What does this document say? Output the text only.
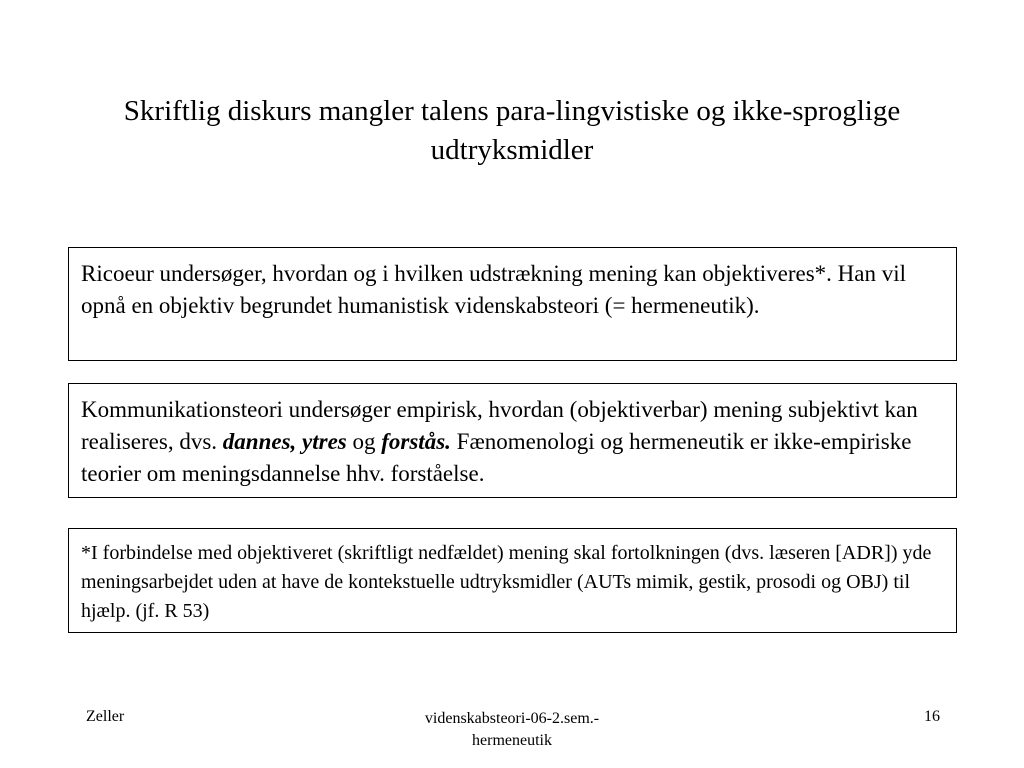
Skriftlig diskurs mangler talens para-lingvistiske og ikke-sproglige udtryksmidler
Ricoeur undersøger, hvordan og i hvilken udstrækning mening kan objektiveres*. Han vil opnå en objektiv begrundet humanistisk videnskabsteori (= hermeneutik).
Kommunikationsteori undersøger empirisk, hvordan (objektiverbar) mening subjektivt kan realiseres, dvs. dannes, ytres og forstås. Fænomenologi og hermeneutik er ikke-empiriske teorier om meningsdannelse hhv. forståelse.
*I forbindelse med objektiveret (skriftligt nedfældet) mening skal fortolkningen (dvs. læseren [ADR]) yde meningsarbejdet uden at have de kontekstuelle udtryksmidler (AUTs mimik, gestik, prosodi og OBJ) til hjælp. (jf. R 53)
Zeller	videnskabsteori-06-2.sem.-
hermeneutik
16
